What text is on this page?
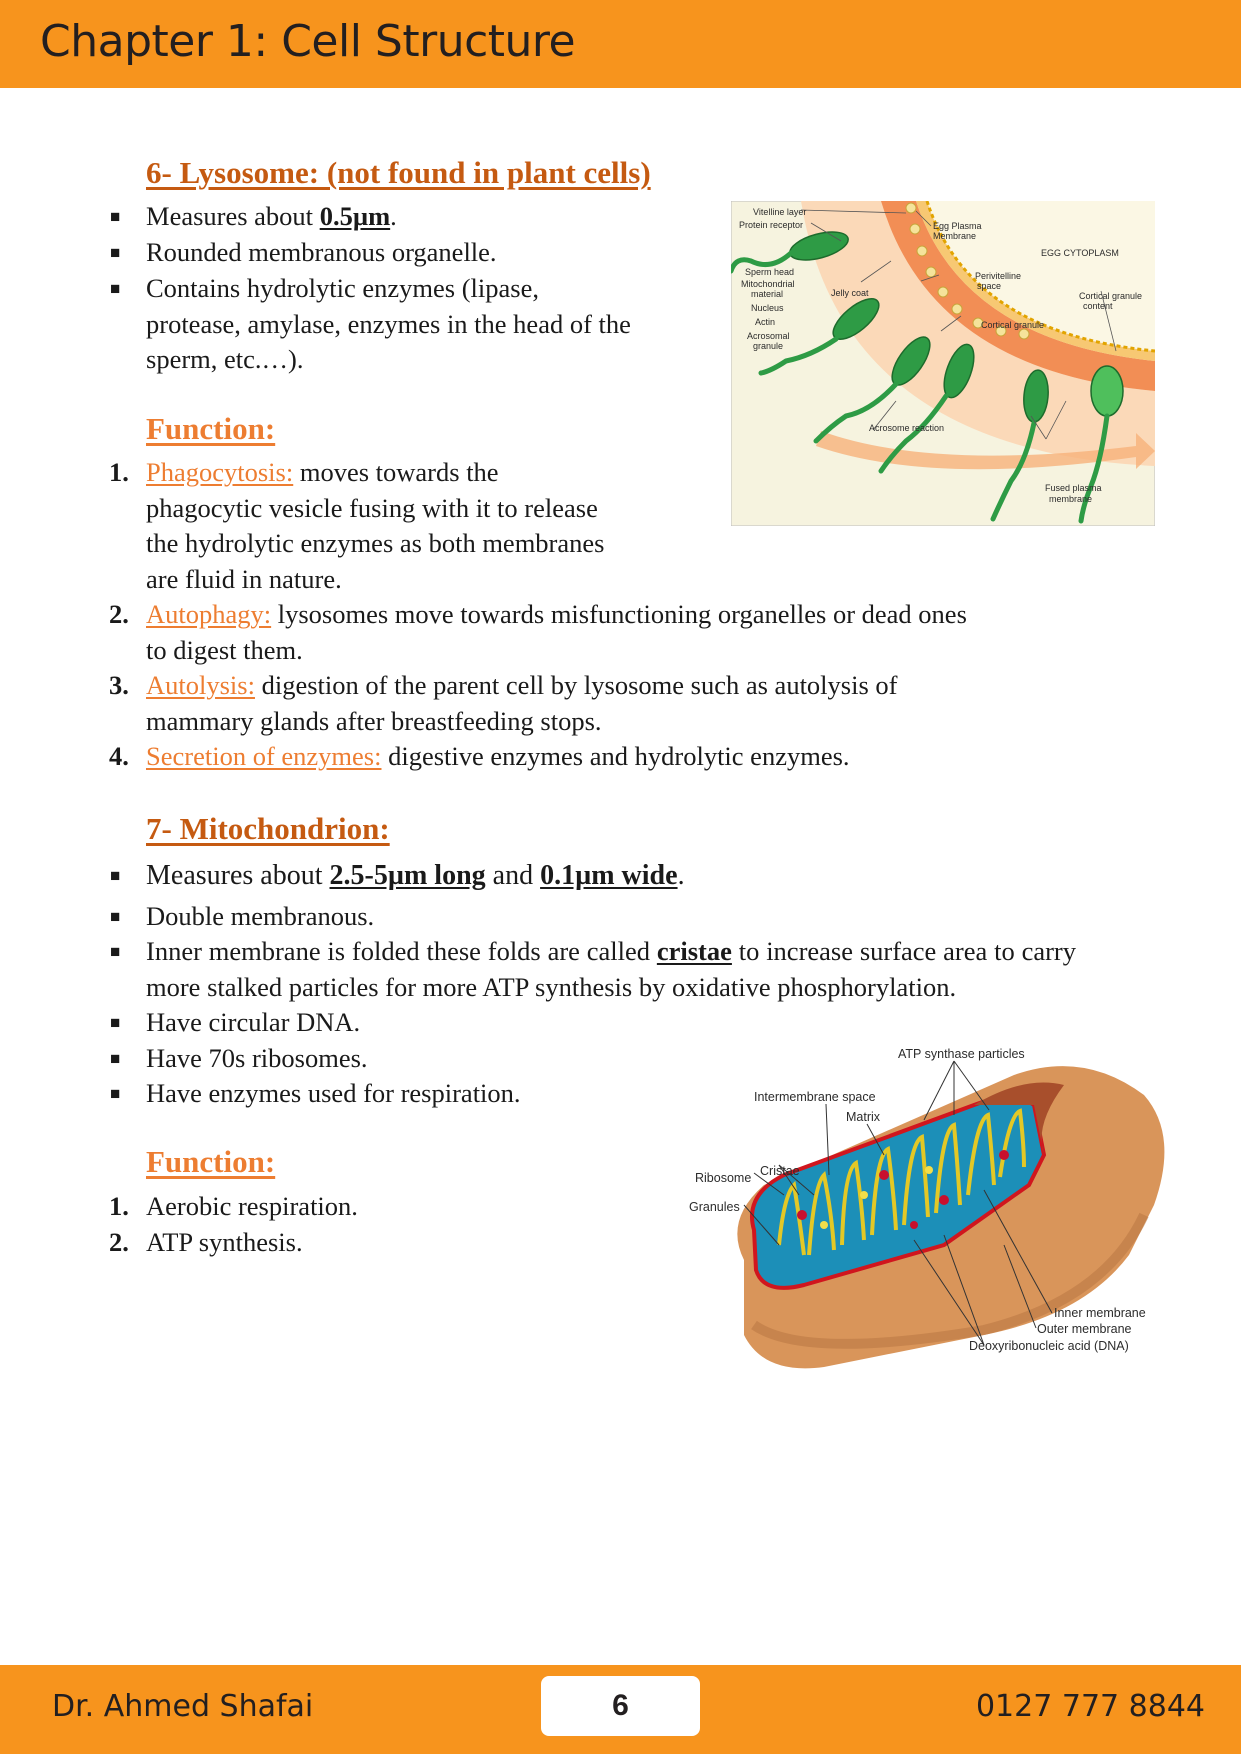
Chapter 1: Cell Structure
6- Lysosome: (not found in plant cells)
■ Measures about 0.5µm.
■ Rounded membranous organelle.
■ Contains hydrolytic enzymes (lipase,
protease, amylase, enzymes in the head of the
sperm, etc.…).
Function:
1. Phagocytosis: moves towards the
phagocytic vesicle fusing with it to release
the hydrolytic enzymes as both membranes
are fluid in nature.
2. Autophagy: lysosomes move towards misfunctioning organelles or dead ones
to digest them.
3. Autolysis: digestion of the parent cell by lysosome such as autolysis of
mammary glands after breastfeeding stops.
4. Secretion of enzymes: digestive enzymes and hydrolytic enzymes.
Vitelline layer
Protein receptor	Egg Plasma
Membrane
EGG CYTOPLASM
Sperm head
Mitochondrial
material
Nucleus
Actin
Acrosomal
granule
Jelly coat
Perivitelline
space
Cortical granule
Cortical granule
content
Acrosome reaction
Fused plasma
membrane
7- Mitochondrion:
■ Measures about 2.5-5µm long and 0.1µm wide.
■ Double membranous.
■ Inner membrane is folded these folds are called cristae to increase surface area to carry more stalked particles for more ATP synthesis by oxidative phosphorylation.
■ Have circular DNA.
■ Have 70s ribosomes.
■ Have enzymes used for respiration.
Function:
1. Aerobic respiration.
2. ATP synthesis.
ATP synthase particles
Intermembrane space
Matrix
Ribosome Cristae
Granules
Inner membrane
Outer membrane
Deoxyribonucleic acid (DNA)
Dr. Ahmed Shafai	6	0127 777 8844
